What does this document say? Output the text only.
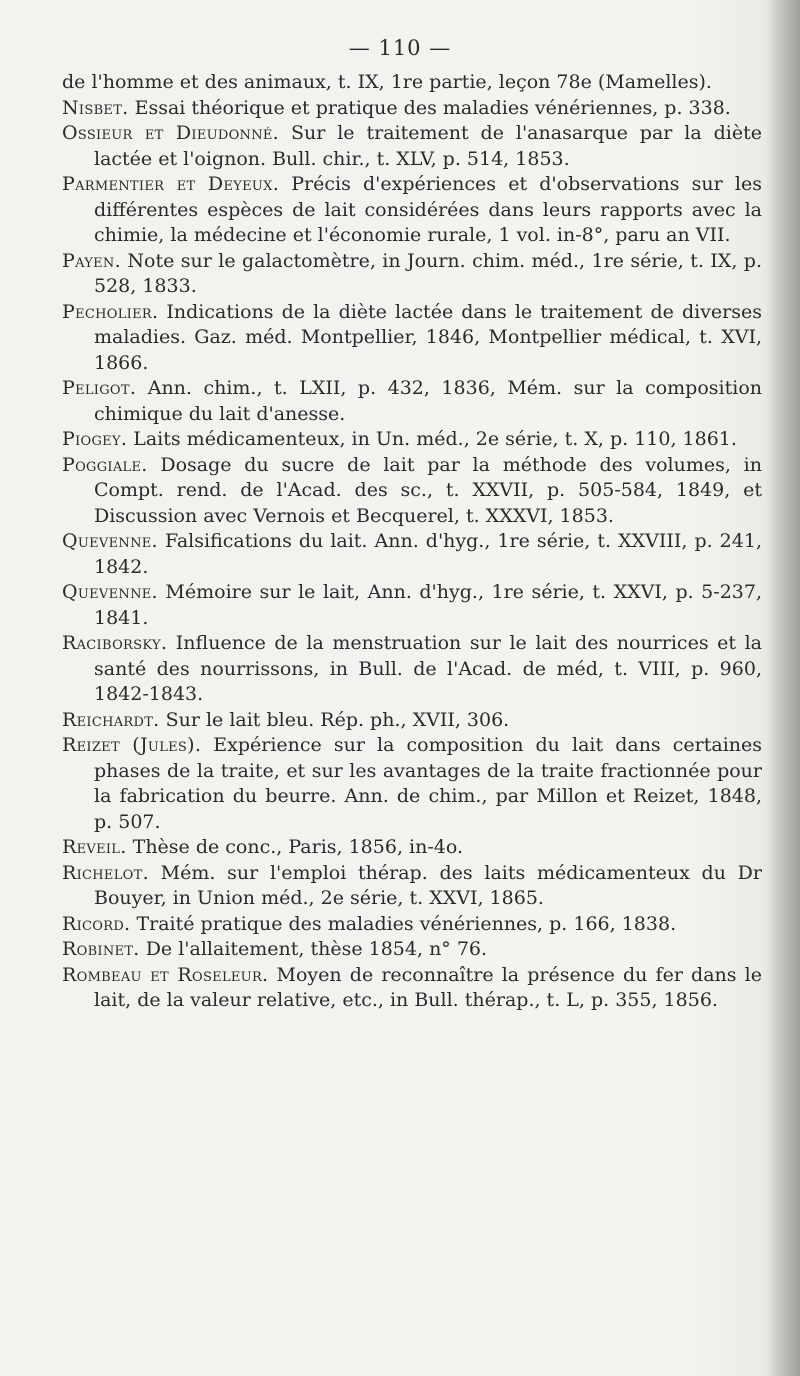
— 110 —

de l'homme et des animaux, t. IX, 1re partie, leçon 78e (Mamelles).

Nisbet. Essai théorique et pratique des maladies vénériennes, p. 338.

Ossieur et Dieudonné. Sur le traitement de l'anasarque par la diète lactée et l'oignon. Bull. chir., t. XLV, p. 514, 1853.

Parmentier et Deyeux. Précis d'expériences et d'observations sur les différentes espèces de lait considérées dans leurs rapports avec la chimie, la médecine et l'économie rurale, 1 vol. in-8°, paru an VII.

Payen. Note sur le galactomètre, in Journ. chim. méd., 1re série, t. IX, p. 528, 1833.

Pecholier. Indications de la diète lactée dans le traitement de diverses maladies. Gaz. méd. Montpellier, 1846, Montpellier médical, t. XVI, 1866.

Peligot. Ann. chim., t. LXII, p. 432, 1836, Mém. sur la composition chimique du lait d'anesse.

Piogey. Laits médicamenteux, in Un. méd., 2e série, t. X, p. 110, 1861.

Poggiale. Dosage du sucre de lait par la méthode des volumes, in Compt. rend. de l'Acad. des sc., t. XXVII, p. 505-584, 1849, et Discussion avec Vernois et Becquerel, t. XXXVI, 1853.

Quevenne. Falsifications du lait. Ann. d'hyg., 1re série, t. XXVIII, p. 241, 1842.

Quevenne. Mémoire sur le lait, Ann. d'hyg., 1re série, t. XXVI, p. 5-237, 1841.

Raciborsky. Influence de la menstruation sur le lait des nourrices et la santé des nourrissons, in Bull. de l'Acad. de méd, t. VIII, p. 960, 1842-1843.

Reichardt. Sur le lait bleu. Rép. ph., XVII, 306.

Reizet (Jules). Expérience sur la composition du lait dans certaines phases de la traite, et sur les avantages de la traite fractionnée pour la fabrication du beurre. Ann. de chim., par Millon et Reizet, 1848, p. 507.

Reveil. Thèse de conc., Paris, 1856, in-4o.

Richelot. Mém. sur l'emploi thérap. des laits médicamenteux du Dr Bouyer, in Union méd., 2e série, t. XXVI, 1865.

Ricord. Traité pratique des maladies vénériennes, p. 166, 1838.

Robinet. De l'allaitement, thèse 1854, n° 76.

Rombeau et Roseleur. Moyen de reconnaître la présence du fer dans le lait, de la valeur relative, etc., in Bull. thérap., t. L, p. 355, 1856.
